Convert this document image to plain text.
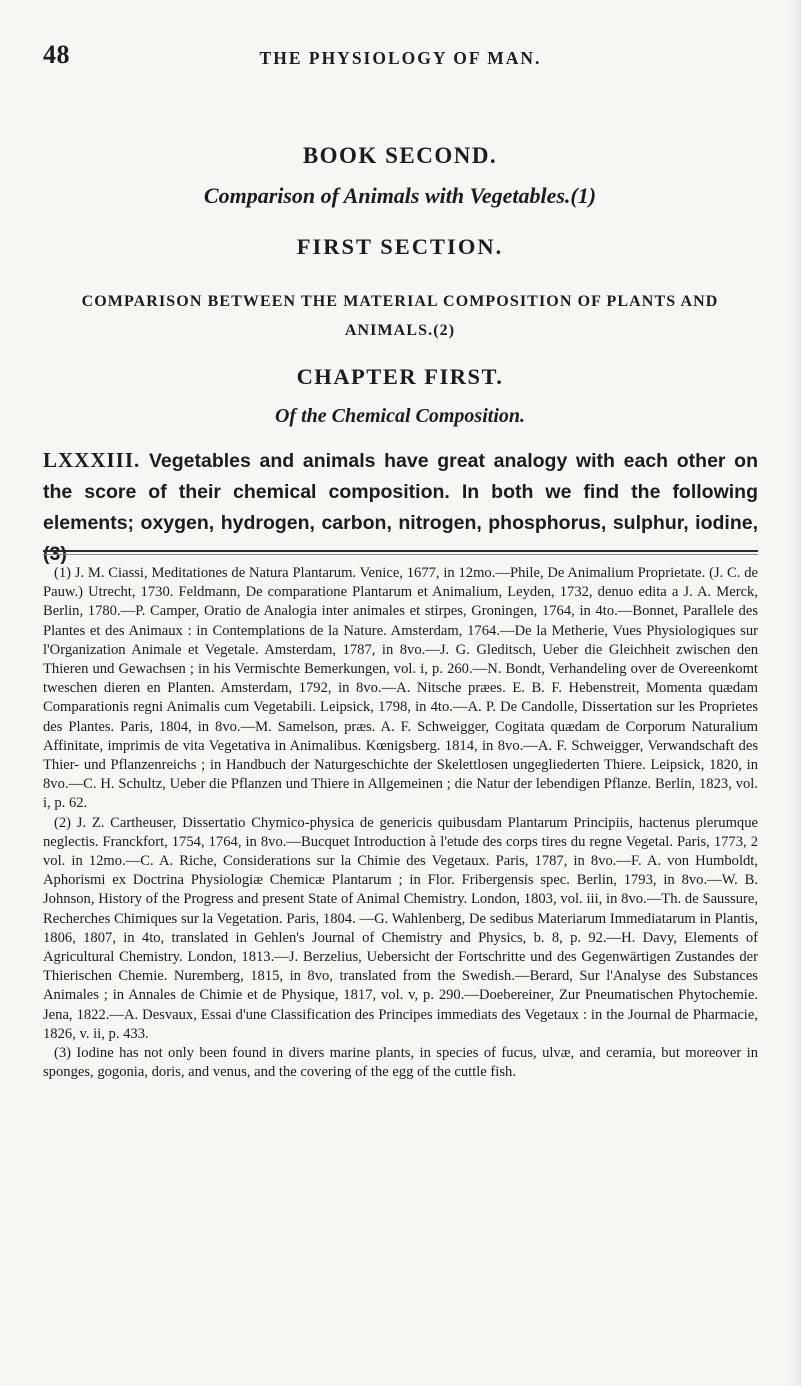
48	THE PHYSIOLOGY OF MAN.
BOOK SECOND.
Comparison of Animals with Vegetables.(1)
FIRST SECTION.
COMPARISON BETWEEN THE MATERIAL COMPOSITION OF PLANTS AND ANIMALS.(2)
CHAPTER FIRST.
Of the Chemical Composition.
LXXXIII. Vegetables and animals have great analogy with each other on the score of their chemical composition. In both we find the following elements; oxygen, hydrogen, carbon, nitrogen, phosphorus, sulphur, iodine,

(1) J. M. Ciassi, Meditationes de Natura Plantarum. Venice, 1677, in 12mo.—Phile, De Animalium Proprietate. (J. C. de Pauw.) Utrecht, 1730. Feldmann, De comparatione Plantarum et Animalium, Leyden, 1732, denuo edita a J. A. Merck, Berlin, 1780.—P. Camper, Oratio de Analogia inter animales et stirpes, Groningen, 1764, in 4to.—Bonnet, Parallele des Plantes et des Animaux : in Contemplations de la Nature. Amsterdam, 1764.—De la Metherie, Vues Physiologiques sur l'Organization Animale et Vegetale. Amsterdam, 1787, in 8vo.—J. G. Gleditsch, Ueber die Gleichheit zwischen den Thieren und Gewachsen ; in his Vermischte Bemerkungen, vol. i, p. 260.—N. Bondt, Verhandeling over de Overeenkomt tweschen dieren en Planten. Amsterdam, 1792, in 8vo.—A. Nitsche præes. E. B. F. Hebenstreit, Momenta quædam Comparationis regni Animalis cum Vegetabili. Leipsick, 1798, in 4to.—A. P. De Candolle, Dissertation sur les Proprietes des Plantes. Paris, 1804, in 8vo.—M. Samelson, præs. A. F. Schweigger, Cogitata quædam de Corporum Naturalium Affinitate, imprimis de vita Vegetativa in Animalibus. Kœnigsberg. 1814, in 8vo.—A. F. Schweigger, Verwandschaft des Thier- und Pflanzenreichs ; in Handbuch der Naturgeschichte der Skelettlosen ungegliederten Thiere. Leipsick, 1820, in 8vo.—C. H. Schultz, Ueber die Pflanzen und Thiere in Allgemeinen ; die Natur der lebendigen Pflanze. Berlin, 1823, vol. i, p. 62.

(2) J. Z. Cartheuser, Dissertatio Chymico-physica de genericis quibusdam Plantarum Principiis, hactenus plerumque neglectis. Franckfort, 1754, 1764, in 8vo.—Bucquet Introduction à l'etude des corps tires du regne Vegetal. Paris, 1773, 2 vol. in 12mo.—C. A. Riche, Considerations sur la Chimie des Vegetaux. Paris, 1787, in 8vo.—F. A. von Humboldt, Aphorismi ex Doctrina Physiologiæ Chemicæ Plantarum ; in Flor. Fribergensis spec. Berlin, 1793, in 8vo.—W. B. Johnson, History of the Progress and present State of Animal Chemistry. London, 1803, vol. iii, in 8vo.—Th. de Saussure, Recherches Chimiques sur la Vegetation. Paris, 1804. —G. Wahlenberg, De sedibus Materiarum Immediatarum in Plantis, 1806, 1807, in 4to, translated in Gehlen's Journal of Chemistry and Physics, b. 8, p. 92.—H. Davy, Elements of Agricultural Chemistry. London, 1813.—J. Berzelius, Uebersicht der Fortschritte und des Gegenwärtigen Zustandes der Thierischen Chemie. Nuremberg, 1815, in 8vo, translated from the Swedish.—Berard, Sur l'Analyse des Substances Animales ; in Annales de Chimie et de Physique, 1817, vol. v, p. 290.—Doebereiner, Zur Pneumatischen Phytochemie. Jena, 1822.—A. Desvaux, Essai d'une Classification des Principes immediats des Vegetaux : in the Journal de Pharmacie, 1826, v. ii, p. 433.

(3) Iodine has not only been found in divers marine plants, in species of fucus, ulvæ, and ceramia, but moreover in sponges, gogonia, doris, and venus, and the covering of the egg of the cuttle fish.
